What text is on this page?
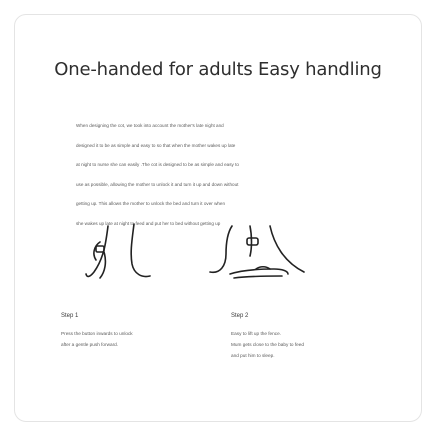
One-handed for adults Easy handling
When designing the cot, we took into account the mother's late night and
designed it to be as simple and easy to so that when the mother wakes up late
at night to nurse she can easily .The cot is designed to be as simple and easy to
use as possible, allowing the mother to unlock it and turn it up and down without
getting up. This allows the mother to unlock the bed and turn it over when
she wakes up late at night to feed and put her to bed without getting up
Step 1
Press the button inwards to unlock
after a gentle push forward.
Step 2
Easy to lift up the fence.
Mum gets close to the baby to feed
and put him to sleep.
